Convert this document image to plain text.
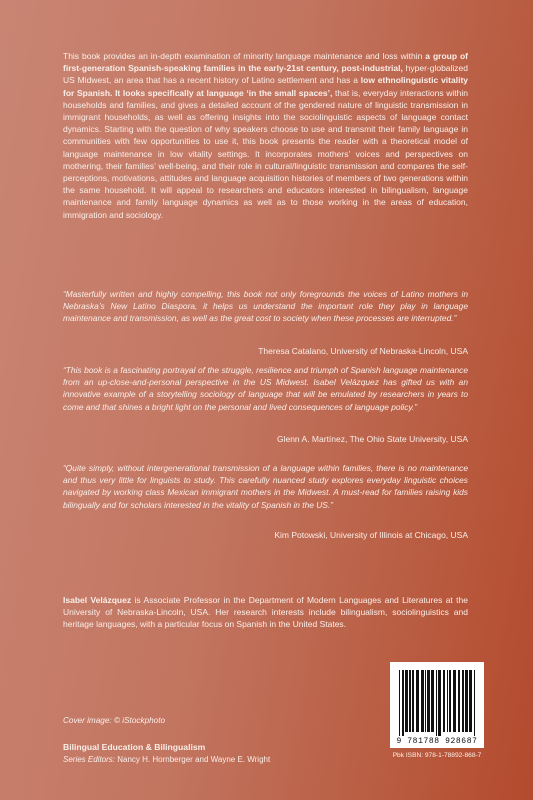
This book provides an in-depth examination of minority language maintenance and loss within a group of first-generation Spanish-speaking families in the early-21st century, post-industrial, hyper-globalized US Midwest, an area that has a recent history of Latino settlement and has a low ethnolinguistic vitality for Spanish. It looks specifically at language ‘in the small spaces’, that is, everyday interactions within households and families, and gives a detailed account of the gendered nature of linguistic transmission in immigrant households, as well as offering insights into the sociolinguistic aspects of language contact dynamics. Starting with the question of why speakers choose to use and transmit their family language in communities with few opportunities to use it, this book presents the reader with a theoretical model of language maintenance in low vitality settings. It incorporates mothers’ voices and perspectives on mothering, their families’ well-being, and their role in cultural/linguistic transmission and compares the self-perceptions, motivations, attitudes and language acquisition histories of members of two generations within the same household. It will appeal to researchers and educators interested in bilingualism, language maintenance and family language dynamics as well as to those working in the areas of education, immigration and sociology.
“Masterfully written and highly compelling, this book not only foregrounds the voices of Latino mothers in Nebraska’s New Latino Diaspora, it helps us understand the important role they play in language maintenance and transmission, as well as the great cost to society when these processes are interrupted.”
Theresa Catalano, University of Nebraska-Lincoln, USA
“This book is a fascinating portrayal of the struggle, resilience and triumph of Spanish language maintenance from an up-close-and-personal perspective in the US Midwest. Isabel Velázquez has gifted us with an innovative example of a storytelling sociology of language that will be emulated by researchers in years to come and that shines a bright light on the personal and lived consequences of language policy.”
Glenn A. Martínez, The Ohio State University, USA
“Quite simply, without intergenerational transmission of a language within families, there is no maintenance and thus very little for linguists to study. This carefully nuanced study explores everyday linguistic choices navigated by working class Mexican immigrant mothers in the Midwest. A must-read for families raising kids bilingually and for scholars interested in the vitality of Spanish in the US.”
Kim Potowski, University of Illinois at Chicago, USA
Isabel Velázquez is Associate Professor in the Department of Modern Languages and Literatures at the University of Nebraska-Lincoln, USA. Her research interests include bilingualism, sociolinguistics and heritage languages, with a particular focus on Spanish in the United States.
Cover image: © iStockphoto
Bilingual Education & Bilingualism
Series Editors: Nancy H. Hornberger and Wayne E. Wright
9 781788 928687
Pbk ISBN: 978-1-78892-868-7
